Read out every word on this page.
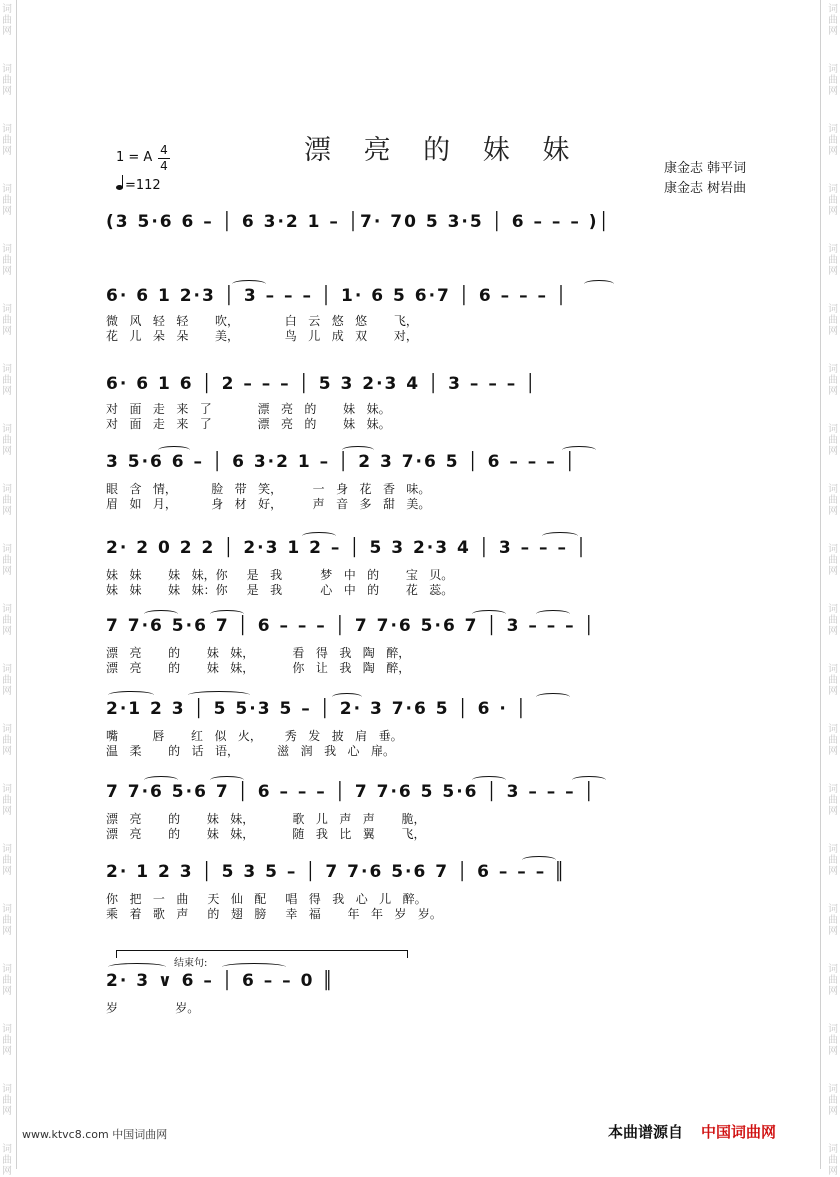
词
曲
网
词
曲
网
词
曲
网
词
曲
网
词
曲
网
词
曲
网
词
曲
网
词
曲
网
词
曲
网
词
曲
网
词
曲
网
词
曲
网
词
曲
网
词
曲
网
词
曲
网
词
曲
网
词
曲
网
词
曲
网
词
曲
网
词
曲
网
词
曲
网
词
曲
网
词
曲
网
词
曲
网
词
曲
网
词
曲
网
词
曲
网
词
曲
网
词
曲
网
词
曲
网
词
曲
网
词
曲
网
词
曲
网
词
曲
网
词
曲
网
词
曲
网
词
曲
网
词
曲
网
词
曲
网
词
曲
网
漂 亮 的 妹 妹
1 = A 4
4
=112
康金志 韩平词
康金志 树岩曲
(3 5·6 6 – │ 6 3·2 1 – │7· 70 5 3·5 │ 6 – – – )│
6· 6 1 2·3 │ 3 – – – │ 1· 6 5 6·7 │ 6 – – – │
微   风   轻   轻       吹，            白   云   悠   悠       飞，
花   儿   朵   朵       美，            鸟   儿   成   双       对，
6· 6 1 6 │ 2 – – – │ 5 3 2·3 4 │ 3 – – – │
对   面   走   来   了            漂   亮   的       妹   妹。
对   面   走   来   了            漂   亮   的       妹   妹。
3 5·6 6 – │ 6 3·2 1 – │ 2 3 7·6 5 │ 6 – – – │
眼   含   情，         脸   带   笑，        一   身   花   香   味。
眉   如   月，         身   材   好，        声   音   多   甜   美。
2· 2 0 2 2 │ 2·3 1 2 – │ 5 3 2·3 4 │ 3 – – – │
妹   妹       妹   妹，你     是   我          梦   中   的       宝   贝。
妹   妹       妹   妹：你     是   我          心   中   的       花   蕊。
7 7·6 5·6 7 │ 6 – – – │ 7 7·6 5·6 7 │ 3 – – – │
漂   亮       的       妹   妹，          看   得   我   陶   醉，
漂   亮       的       妹   妹，          你   让   我   陶   醉，
2·1 2 3 │ 5 5·3 5 – │ 2· 3 7·6 5 │ 6 · │
嘴         唇       红   似   火，      秀   发   披   肩   垂。
温   柔       的   话   语，          滋   润   我   心   扉。
7 7·6 5·6 7 │ 6 – – – │ 7 7·6 5 5·6 │ 3 – – – │
漂   亮       的       妹   妹，          歌   儿   声   声       脆，
漂   亮       的       妹   妹，          随   我   比   翼       飞，
2· 1 2 3 │ 5 3 5 – │ 7 7·6 5·6 7 │ 6 – – – ║
你   把   一   曲     天   仙   配     唱   得   我   心   儿   醉。
乘   着   歌   声     的   翅   膀     幸   福       年   年   岁   岁。
结束句:
2· 3 ∨ 6 – │ 6 – – 0 ║
岁               岁。
www.ktvc8.com 中国词曲网	本曲谱源自 中国词曲网
